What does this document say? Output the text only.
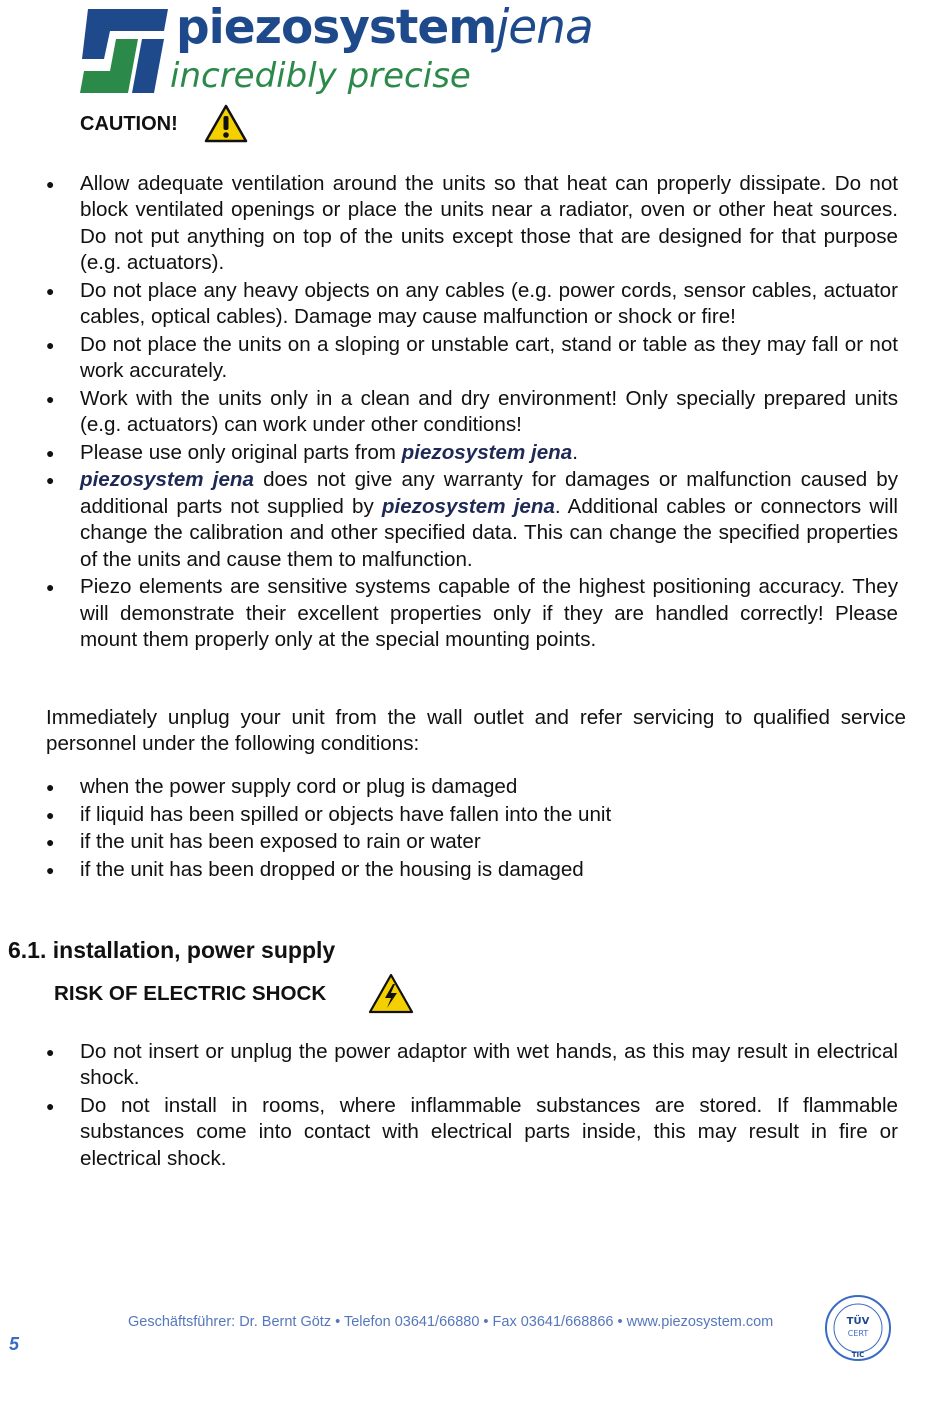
piezosystemjena
incredibly precise
CAUTION!
● Allow adequate ventilation around the units so that heat can properly dissipate. Do not block ventilated openings or place the units near a radiator, oven or other heat sources. Do not put anything on top of the units except those that are designed for that purpose (e.g. actuators).
● Do not place any heavy objects on any cables (e.g. power cords, sensor cables, actuator cables, optical cables). Damage may cause malfunction or shock or fire!
● Do not place the units on a sloping or unstable cart, stand or table as they may fall or not work accurately.
● Work with the units only in a clean and dry environment! Only specially prepared units (e.g. actuators) can work under other conditions!
● Please use only original parts from piezosystem jena.
● piezosystem jena does not give any warranty for damages or malfunction caused by additional parts not supplied by piezosystem jena. Additional cables or connectors will change the calibration and other specified data. This can change the specified properties of the units and cause them to malfunction.
● Piezo elements are sensitive systems capable of the highest positioning accuracy. They will demonstrate their excellent properties only if they are handled correctly! Please mount them properly only at the special mounting points.
Immediately unplug your unit from the wall outlet and refer servicing to qualified service personnel under the following conditions:
● when the power supply cord or plug is damaged
● if liquid has been spilled or objects have fallen into the unit
● if the unit has been exposed to rain or water
● if the unit has been dropped or the housing is damaged
6.1. installation, power supply
RISK OF ELECTRIC SHOCK
● Do not insert or unplug the power adaptor with wet hands, as this may result in electrical shock.
● Do not install in rooms, where inflammable substances are stored. If flammable substances come into contact with electrical parts inside, this may result in fire or electrical shock.
Geschäftsführer: Dr. Bernt Götz • Telefon 03641/66880 • Fax 03641/668866 • www.piezosystem.com
5
TÜV
CERT
TIC
